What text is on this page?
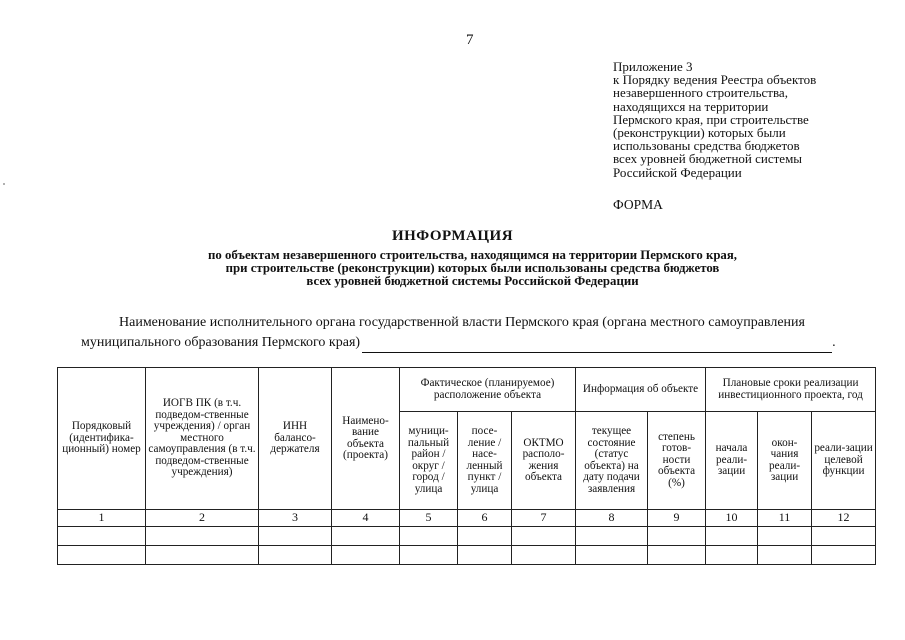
7
Приложение 3
к Порядку ведения Реестра объектов
незавершенного строительства,
находящихся на территории
Пермского края, при строительстве
(реконструкции) которых были
использованы средства бюджетов
всех уровней бюджетной системы
Российской Федерации
ФОРМА
ИНФОРМАЦИЯ
по объектам незавершенного строительства, находящимся на территории Пермского края,
при строительстве (реконструкции) которых были использованы средства бюджетов
всех уровней бюджетной системы Российской Федерации
Наименование исполнительного органа государственной власти Пермского края (органа местного самоуправления
муниципального образования Пермского края)	.
Порядковый (идентифика-ционный) номер	ИОГВ ПК (в т.ч. подведом-ственные учреждения) / орган местного самоуправления (в т.ч. подведом-ственные учреждения)	ИНН балансо-держателя	Наимено-вание объекта (проекта)	Фактическое (планируемое) расположение объекта			Информация об объекте		Плановые сроки реализации инвестиционного проекта, год		
				муници-пальный район / округ / город / улица	посе-ление / насе-ленный пункт / улица	ОКТМО располо-жения объекта	текущее состояние (статус объекта) на дату подачи заявления	степень готов-ности объекта (%)	начала реали-зации	окон-чания реали-зации	реали-зации целевой функции
1	2	3	4	5	6	7	8	9	10	11	12
